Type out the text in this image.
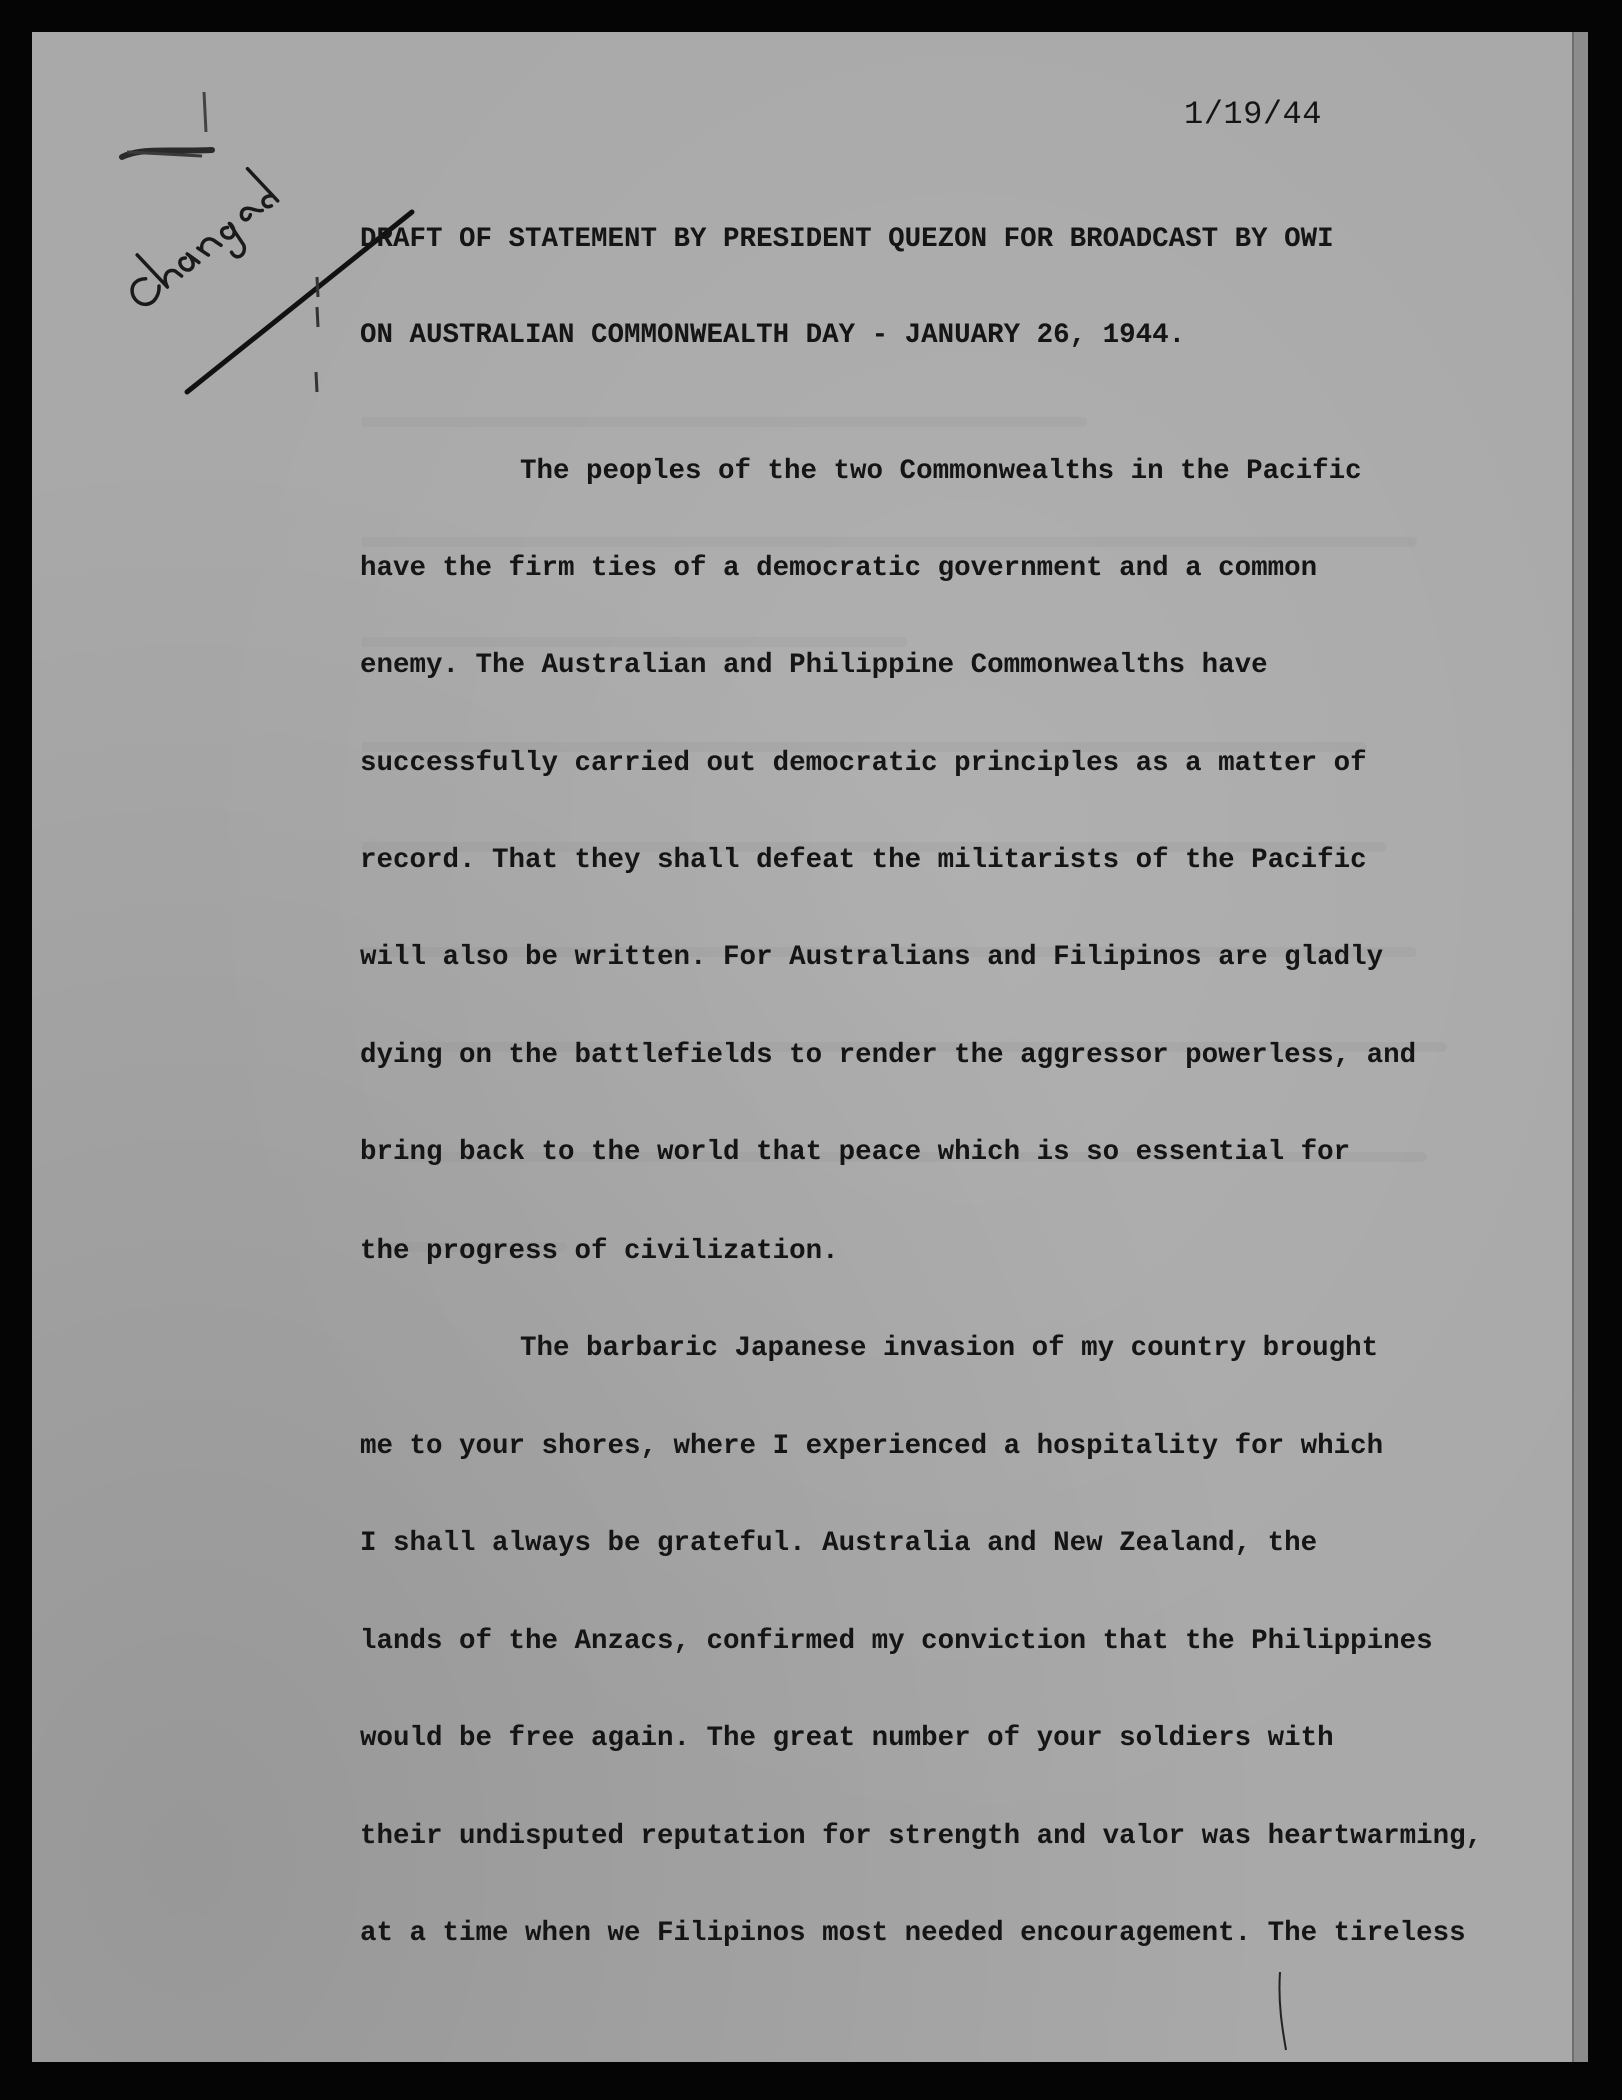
1/19/44

DRAFT OF STATEMENT BY PRESIDENT QUEZON FOR BROADCAST BY OWI

ON AUSTRALIAN COMMONWEALTH DAY - JANUARY 26, 1944.

The peoples of the two Commonwealths in the Pacific

have the firm ties of a democratic government and a common

enemy. The Australian and Philippine Commonwealths have

successfully carried out democratic principles as a matter of

record. That they shall defeat the militarists of the Pacific

will also be written. For Australians and Filipinos are gladly

dying on the battlefields to render the aggressor powerless, and

bring back to the world that peace which is so essential for

the progress of civilization.

The barbaric Japanese invasion of my country brought

me to your shores, where I experienced a hospitality for which

I shall always be grateful. Australia and New Zealand, the

lands of the Anzacs, confirmed my conviction that the Philippines

would be free again. The great number of your soldiers with

their undisputed reputation for strength and valor was heartwarming,

at a time when we Filipinos most needed encouragement. The tireless
